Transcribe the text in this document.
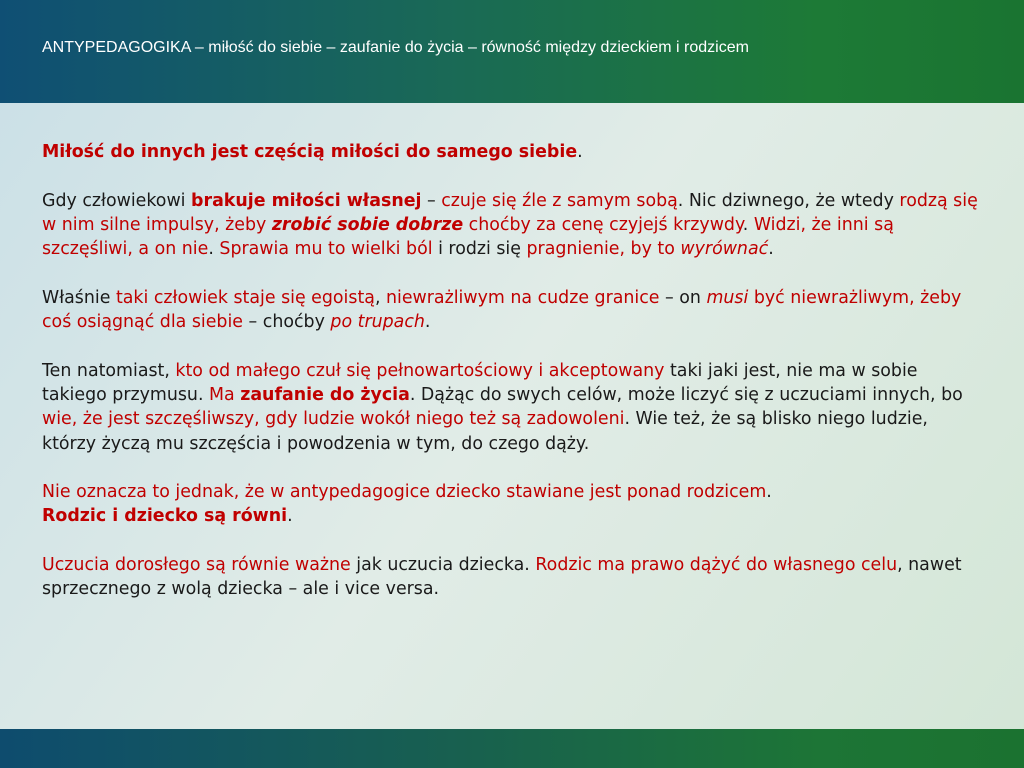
ANTYPEDAGOGIKA – miłość do siebie – zaufanie do życia – równość między dzieckiem i rodzicem

Miłość do innych jest częścią miłości do samego siebie.

Gdy człowiekowi brakuje miłości własnej – czuje się źle z samym sobą. Nic dziwnego, że wtedy rodzą się w nim silne impulsy, żeby zrobić sobie dobrze choćby za cenę czyjejś krzywdy. Widzi, że inni są szczęśliwi, a on nie. Sprawia mu to wielki ból i rodzi się pragnienie, by to wyrównać.

Właśnie taki człowiek staje się egoistą, niewrażliwym na cudze granice – on musi być niewrażliwym, żeby coś osiągnąć dla siebie – choćby po trupach.

Ten natomiast, kto od małego czuł się pełnowartościowy i akceptowany taki jaki jest, nie ma w sobie takiego przymusu. Ma zaufanie do życia. Dążąc do swych celów, może liczyć się z uczuciami innych, bo wie, że jest szczęśliwszy, gdy ludzie wokół niego też są zadowoleni. Wie też, że są blisko niego ludzie, którzy życzą mu szczęścia i powodzenia w tym, do czego dąży.

Nie oznacza to jednak, że w antypedagogice dziecko stawiane jest ponad rodzicem.
Rodzic i dziecko są równi.

Uczucia dorosłego są równie ważne jak uczucia dziecka. Rodzic ma prawo dążyć do własnego celu, nawet sprzecznego z wolą dziecka – ale i vice versa.
